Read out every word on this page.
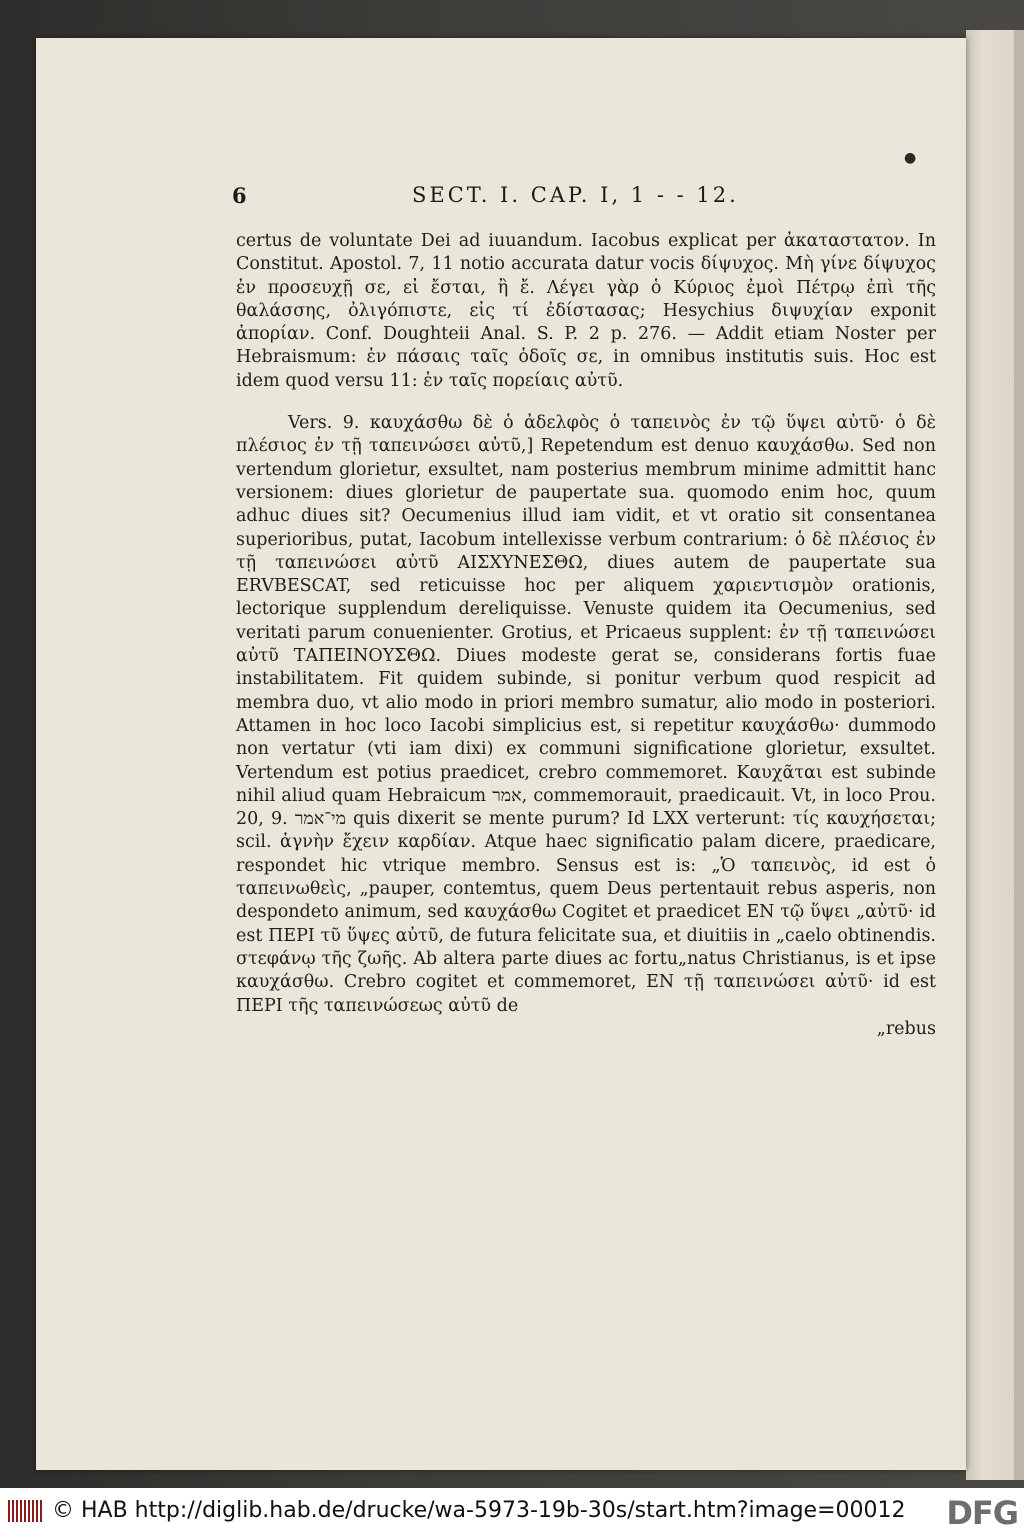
6	SECT. I. CAP. I, 1 - - 12.
●

certus de voluntate Dei ad iuuandum. Iacobus explicat per ἀκαταστατον. In Constitut. Apostol. 7, 11 notio accurata datur vocis δίψυχος. Μὴ γίνε δίψυχος ἐν προσευχῇ σε, εἰ ἔσται, ἢ ἔ. Λέγει γὰρ ὁ Κύριος ἐμοὶ Πέτρῳ ἐπὶ τῆς θαλάσσης, ὀλιγόπιστε, εἰς τί ἐδίστασας; Hesychius διψυχίαν exponit ἀπορίαν. Conf. Doughteii Anal. S. P. 2 p. 276. — Addit etiam Noster per Hebraismum: ἐν πάσαις ταῖς ὁδοῖς σε, in omnibus institutis suis. Hoc est idem quod versu 11: ἐν ταῖς πορείαις αὐτῦ.

Vers. 9. καυχάσθω δὲ ὁ ἀδελφὸς ὁ ταπεινὸς ἐν τῷ ὕψει αὐτῦ· ὁ δὲ πλέσιος ἐν τῇ ταπεινώσει αὐτῦ,] Repetendum est denuo καυχάσθω. Sed non vertendum glorietur, exsultet, nam posterius membrum minime admittit hanc versionem: diues glorietur de paupertate sua. quomodo enim hoc, quum adhuc diues sit? Oecumenius illud iam vidit, et vt oratio sit consentanea superioribus, putat, Iacobum intellexisse verbum contrarium: ὁ δὲ πλέσιος ἐν τῇ ταπεινώσει αὐτῦ ΑΙΣΧΥΝΕΣΘΩ, diues autem de paupertate sua ERVBESCAT, sed reticuisse hoc per aliquem χαριεντισμὸν orationis, lectorique supplendum dereliquisse. Venuste quidem ita Oecumenius, sed veritati parum conuenienter. Grotius, et Pricaeus supplent: ἐν τῇ ταπεινώσει αὐτῦ ΤΑΠΕΙΝΟΥΣΘΩ. Diues modeste gerat se, considerans fortis fuae instabilitatem. Fit quidem subinde, si ponitur verbum quod respicit ad membra duo, vt alio modo in priori membro sumatur, alio modo in posteriori. Attamen in hoc loco Iacobi simplicius est, si repetitur καυχάσθω· dummodo non vertatur (vti iam dixi) ex communi significatione glorietur, exsultet. Vertendum est potius praedicet, crebro commemoret. Καυχᾶται est subinde nihil aliud quam Hebraicum אמר, commemorauit, praedicauit. Vt, in loco Prou. 20, 9. מי־אמר quis dixerit se mente purum? Id LXX verterunt: τίς καυχήσεται; scil. ἁγνὴν ἔχειν καρδίαν. Atque haec significatio palam dicere, praedicare, respondet hic vtrique membro. Sensus est is: „Ὁ ταπεινὸς, id est ὁ ταπεινωθεὶς, „pauper, contemtus, quem Deus pertentauit rebus asperis, non despondeto animum, sed καυχάσθω Cogitet et praedicet ΕΝ τῷ ὕψει „αὐτῦ· id est ΠΕΡΙ τῦ ὕψες αὐτῦ, de futura felicitate sua, et diuitiis in „caelo obtinendis. στεφάνῳ τῆς ζωῆς. Ab altera parte diues ac fortu„natus Christianus, is et ipse καυχάσθω. Crebro cogitet et commemoret, ΕΝ τῇ ταπεινώσει αὐτῦ· id est ΠΕΡΙ τῆς ταπεινώσεως αὐτῦ de

„rebus

© HAB http://diglib.hab.de/drucke/wa-5973-19b-30s/start.htm?image=00012 DFG
